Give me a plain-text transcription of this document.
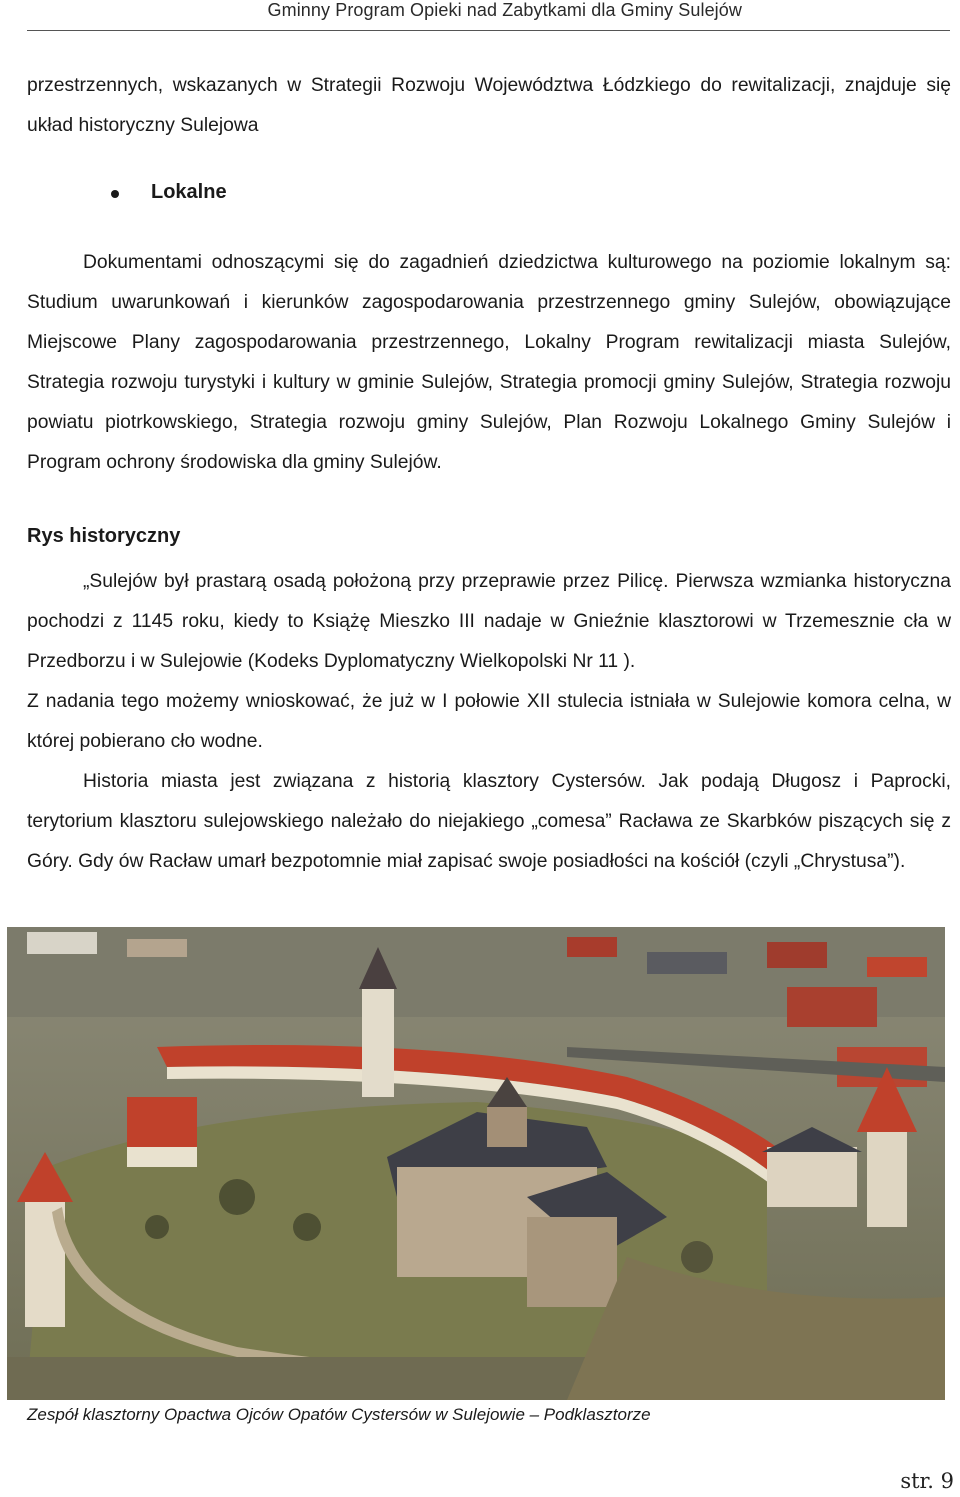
Gminny Program Opieki nad Zabytkami dla Gminy Sulejów
przestrzennych, wskazanych w Strategii Rozwoju Województwa Łódzkiego do rewitalizacji, znajduje się układ historyczny Sulejowa
Lokalne
Dokumentami odnoszącymi się do zagadnień dziedzictwa kulturowego na poziomie lokalnym są: Studium uwarunkowań i kierunków zagospodarowania przestrzennego gminy Sulejów, obowiązujące Miejscowe Plany zagospodarowania przestrzennego, Lokalny Program rewitalizacji miasta Sulejów, Strategia rozwoju turystyki i kultury w gminie Sulejów, Strategia promocji gminy Sulejów, Strategia rozwoju powiatu piotrkowskiego, Strategia rozwoju gminy Sulejów, Plan Rozwoju Lokalnego Gminy Sulejów i Program ochrony środowiska dla gminy Sulejów.
Rys historyczny
„Sulejów był prastarą osadą położoną przy przeprawie przez Pilicę. Pierwsza wzmianka historyczna pochodzi z 1145 roku, kiedy to Książę Mieszko III nadaje w Gnieźnie klasztorowi w Trzemesznie cła w Przedborzu i w Sulejowie (Kodeks Dyplomatyczny Wielkopolski Nr 11 ).
Z nadania tego możemy wnioskować, że już w I połowie XII stulecia istniała w Sulejowie komora celna, w której pobierano cło wodne.
Historia miasta jest związana z historią klasztory Cystersów. Jak podają Długosz i Paprocki, terytorium klasztoru sulejowskiego należało do niejakiego „comesa” Racława ze Skarbków piszących się z Góry. Gdy ów Racław umarł bezpotomnie miał zapisać swoje posiadłości na kościół (czyli „Chrystusa”).
Zespół klasztorny Opactwa Ojców Opatów Cystersów w Sulejowie – Podklasztorze
str. 9
